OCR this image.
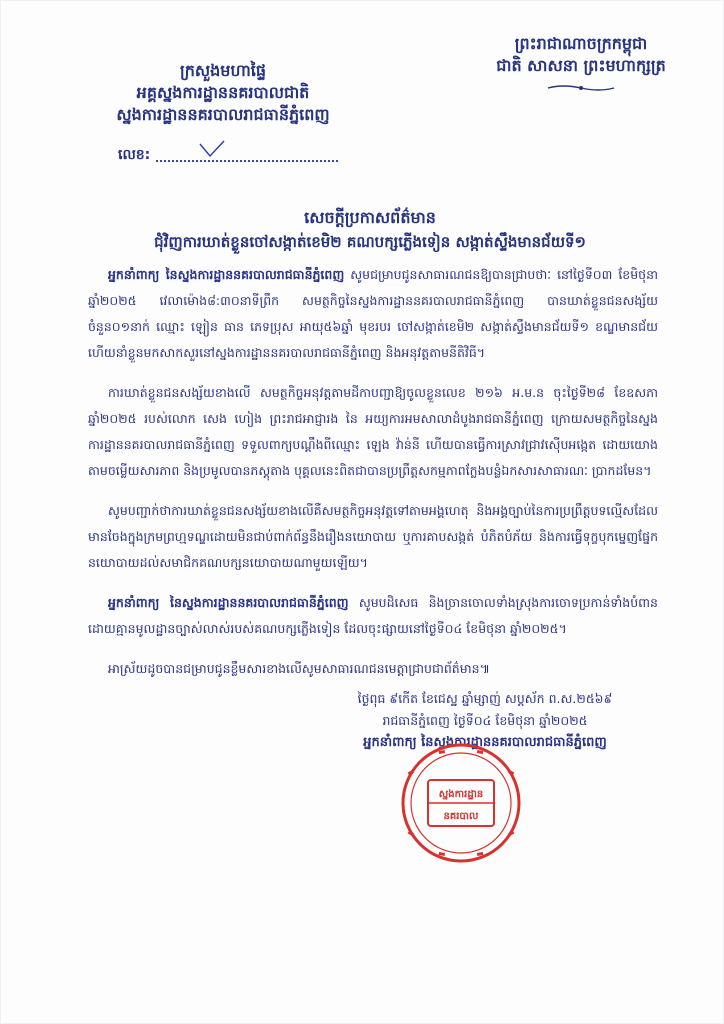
ព្រះរាជាណាចក្រកម្ពុជា
ជាតិ សាសនា ព្រះមហាក្សត្រ
ក្រសួងមហាផ្ទៃ
អគ្គស្នងការដ្ឋាននគរបាលជាតិ
ស្នងការដ្ឋាននគរបាលរាជធានីភ្នំពេញ
លេខ:
សេចក្តីប្រកាសព័ត៌មាន
ជុំវិញការឃាត់ខ្លួនចៅសង្កាត់ខេមិ២ គណបក្សភ្លើងទៀន សង្កាត់ស្ទឹងមានជ័យទី១

អ្នកនាំពាក្យ នៃស្នងការដ្ឋាននគរបាលរាជធានីភ្នំពេញ សូមជម្រាបជូនសាធារណជនឱ្យបានជ្រាបថាៈ នៅថ្ងៃទី០៣ ខែមិថុនា ឆ្នាំ២០២៥ វេលាម៉ោង៨:៣០នាទីព្រឹក សមត្ថកិច្ចនៃស្នងការដ្ឋាននគរបាលរាជធានីភ្នំពេញ បានឃាត់ខ្លួនជនសង្ស័យ ចំនួន០១នាក់ ឈ្មោះ ឡៀន ធាន ភេទប្រុស អាយុ៥៦ឆ្នាំ មុខរបរ ចៅសង្កាត់ខេមិ២ សង្កាត់ស្ទឹងមានជ័យទី១ ខណ្ឌមានជ័យ ហើយនាំខ្លួនមកសាកសួរនៅស្នងការដ្ឋាននគរបាលរាជធានីភ្នំពេញ និងអនុវត្តតាមនីតិវិធី។

ការឃាត់ខ្លួនជនសង្ស័យខាងលើ សមត្ថកិច្ចអនុវត្តតាមដីកាបញ្ជាឱ្យចូលខ្លួនលេខ ២១៦ អ.ម.ន ចុះថ្ងៃទី២៨ ខែឧសភា ឆ្នាំ២០២៥ របស់លោក សេង ហៀង ព្រះរាជអាជ្ញារង នៃ អយ្យការអមសាលាដំបូងរាជធានីភ្នំពេញ ក្រោយសមត្ថកិច្ចនៃស្នងការដ្ឋាននគរបាលរាជធានីភ្នំពេញ ទទួលពាក្យបណ្តឹងពីឈ្មោះ ឡេង វ៉ាន់នី ហើយបានធ្វើការស្រាវជ្រាវស៊ើបអង្កេត ដោយយោងតាមចម្លើយសារភាព និងប្រមូលបានភស្តុតាង បុគ្គលនេះពិតជាបានប្រព្រឹត្តសកម្មភាពក្លែងបន្លំឯកសារសាធារណៈ ប្រាកដមែន។

សូមបញ្ជាក់ថាការឃាត់ខ្លួនជនសង្ស័យខាងលើគឺសមត្ថកិច្ចអនុវត្តទៅតាមអង្គហេតុ និងអង្គច្បាប់នៃការប្រព្រឹត្តបទល្មើសដែលមានចែងក្នុងក្រមព្រហ្មទណ្ឌដោយមិនជាប់ពាក់ព័ន្ធនឹងរឿងនយោបាយ ឬការគាបសង្កត់ បំភិតបំភ័យ និងការធ្វើទុក្ខបុកម្នេញផ្នែកនយោបាយដល់សមាជិកគណបក្សនយោបាយណាមួយឡើយ។

អ្នកនាំពាក្យ នៃស្នងការដ្ឋាននគរបាលរាជធានីភ្នំពេញ សូមបដិសេធ និងច្រានចោលទាំងស្រុងការចោទប្រកាន់ទាំងបំពាន ដោយគ្មានមូលដ្ឋានច្បាស់លាស់របស់គណបក្សភ្លើងទៀន ដែលចុះផ្សាយនៅថ្ងៃទី០៤ ខែមិថុនា ឆ្នាំ២០២៥។

អាស្រ័យដូចបានជម្រាបជូនខ្លឹមសារខាងលើសូមសាធារណជនមេត្តាជ្រាបជាព័ត៌មាន៕

ថ្ងៃពុធ ៩កើត ខែជេស្ឋ ឆ្នាំម្សាញ់ សប្តស័ក ព.ស.២៥៦៩
រាជធានីភ្នំពេញ ថ្ងៃទី០៤ ខែមិថុនា ឆ្នាំ២០២៥
អ្នកនាំពាក្យ នៃស្នងការដ្ឋាននគរបាលរាជធានីភ្នំពេញ
ស្នងការដ្ឋាន
នគរបាល
